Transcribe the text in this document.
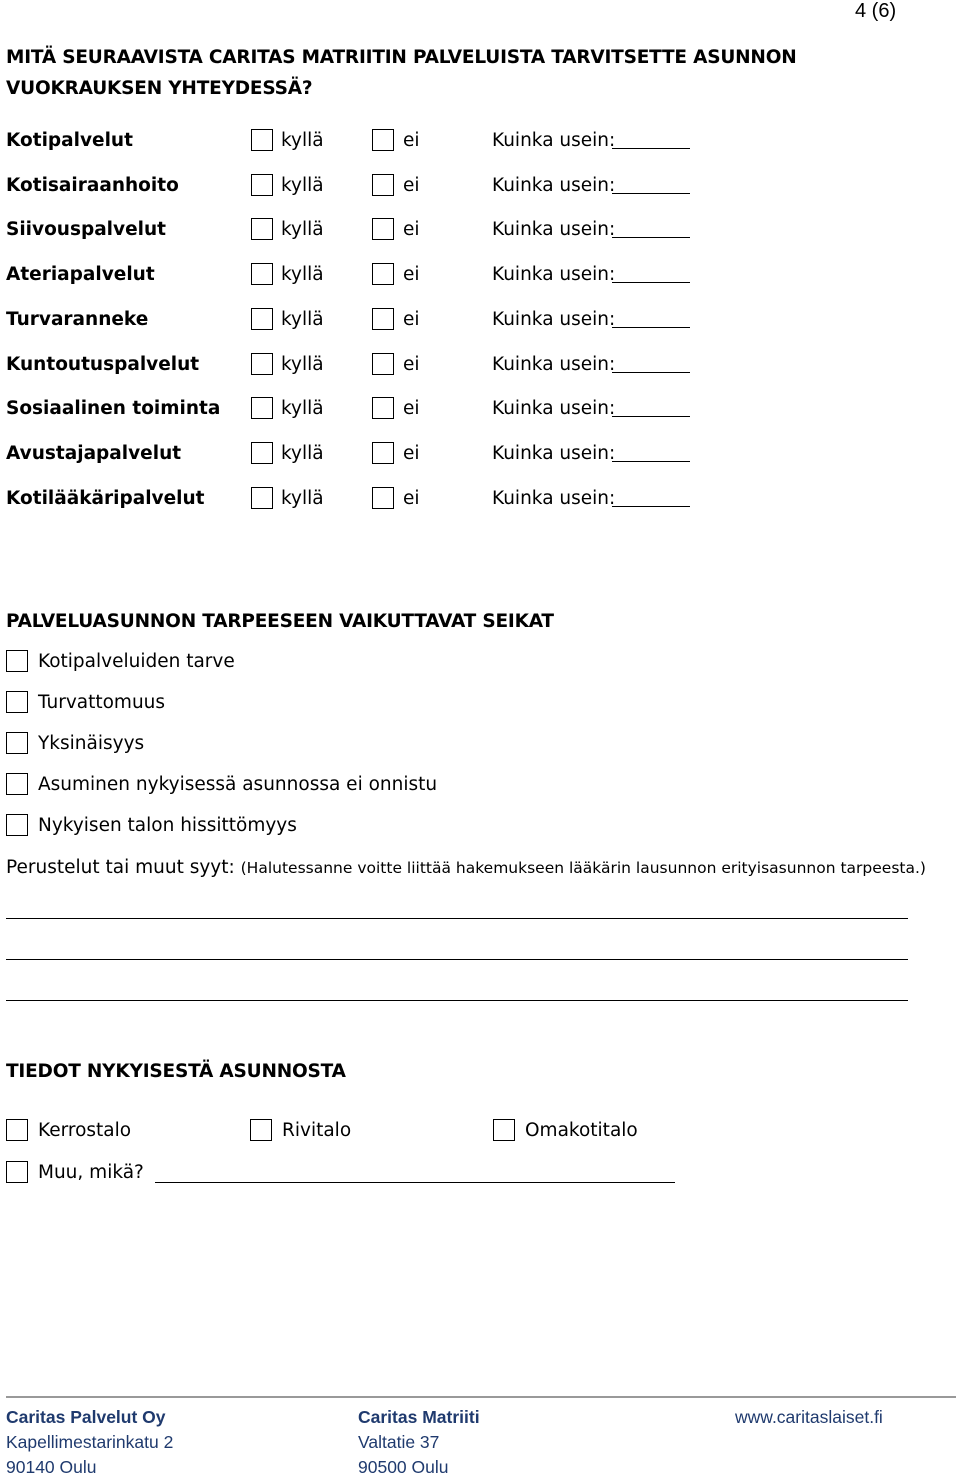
4 (6)
MITÄ SEURAAVISTA CARITAS MATRIITIN PALVELUISTA TARVITSETTE ASUNNON VUOKRAUKSEN YHTEYDESSÄ?
Kotipalvelut	kyllä	ei	Kuinka usein:
Kotisairaanhoito	kyllä	ei	Kuinka usein:
Siivouspalvelut	kyllä	ei	Kuinka usein:
Ateriapalvelut	kyllä	ei	Kuinka usein:
Turvaranneke	kyllä	ei	Kuinka usein:
Kuntoutuspalvelut	kyllä	ei	Kuinka usein:
Sosiaalinen toiminta	kyllä	ei	Kuinka usein:
Avustajapalvelut	kyllä	ei	Kuinka usein:
Kotilääkäripalvelut	kyllä	ei	Kuinka usein:
PALVELUASUNNON TARPEESEEN VAIKUTTAVAT SEIKAT
Kotipalveluiden tarve
Turvattomuus
Yksinäisyys
Asuminen nykyisessä asunnossa ei onnistu
Nykyisen talon hissittömyys
Perustelut tai muut syyt: (Halutessanne voitte liittää hakemukseen lääkärin lausunnon erityisasunnon tarpeesta.)
TIEDOT NYKYISESTÄ ASUNNOSTA
Kerrostalo	Rivitalo	Omakotitalo
Muu, mikä?
Caritas Palvelut Oy
Kapellimestarinkatu 2
90140 Oulu
Caritas Matriiti
Valtatie 37
90500 Oulu
www.caritaslaiset.fi
